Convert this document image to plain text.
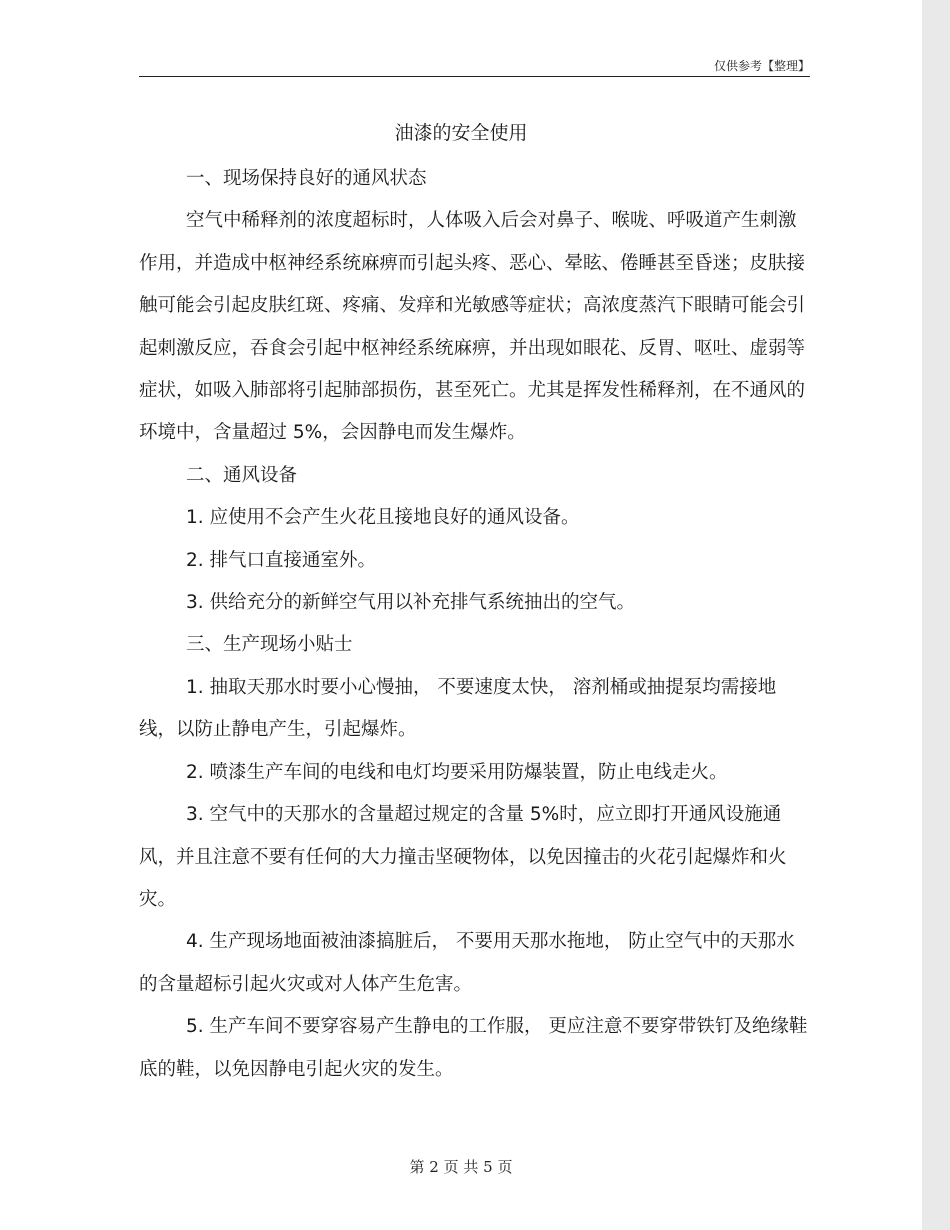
仅供参考【整理】
油漆的安全使用

一、现场保持良好的通风状态

空气中稀释剂的浓度超标时，人体吸入后会对鼻子、喉咙、呼吸道产生刺激作用，并造成中枢神经系统麻痹而引起头疼、恶心、晕眩、倦睡甚至昏迷；皮肤接触可能会引起皮肤红斑、疼痛、发痒和光敏感等症状；高浓度蒸汽下眼睛可能会引起刺激反应，吞食会引起中枢神经系统麻痹，并出现如眼花、反胃、呕吐、虚弱等症状，如吸入肺部将引起肺部损伤，甚至死亡。尤其是挥发性稀释剂，在不通风的环境中，含量超过 5%，会因静电而发生爆炸。

二、通风设备

1. 应使用不会产生火花且接地良好的通风设备。

2. 排气口直接通室外。

3. 供给充分的新鲜空气用以补充排气系统抽出的空气。

三、生产现场小贴士

1. 抽取天那水时要小心慢抽， 不要速度太快， 溶剂桶或抽提泵均需接地线，以防止静电产生，引起爆炸。

2. 喷漆生产车间的电线和电灯均要采用防爆装置，防止电线走火。

3. 空气中的天那水的含量超过规定的含量 5%时，应立即打开通风设施通风，并且注意不要有任何的大力撞击坚硬物体，以免因撞击的火花引起爆炸和火灾。

4. 生产现场地面被油漆搞脏后， 不要用天那水拖地， 防止空气中的天那水的含量超标引起火灾或对人体产生危害。

5. 生产车间不要穿容易产生静电的工作服， 更应注意不要穿带铁钉及绝缘鞋底的鞋，以免因静电引起火灾的发生。

第 2 页 共 5 页
